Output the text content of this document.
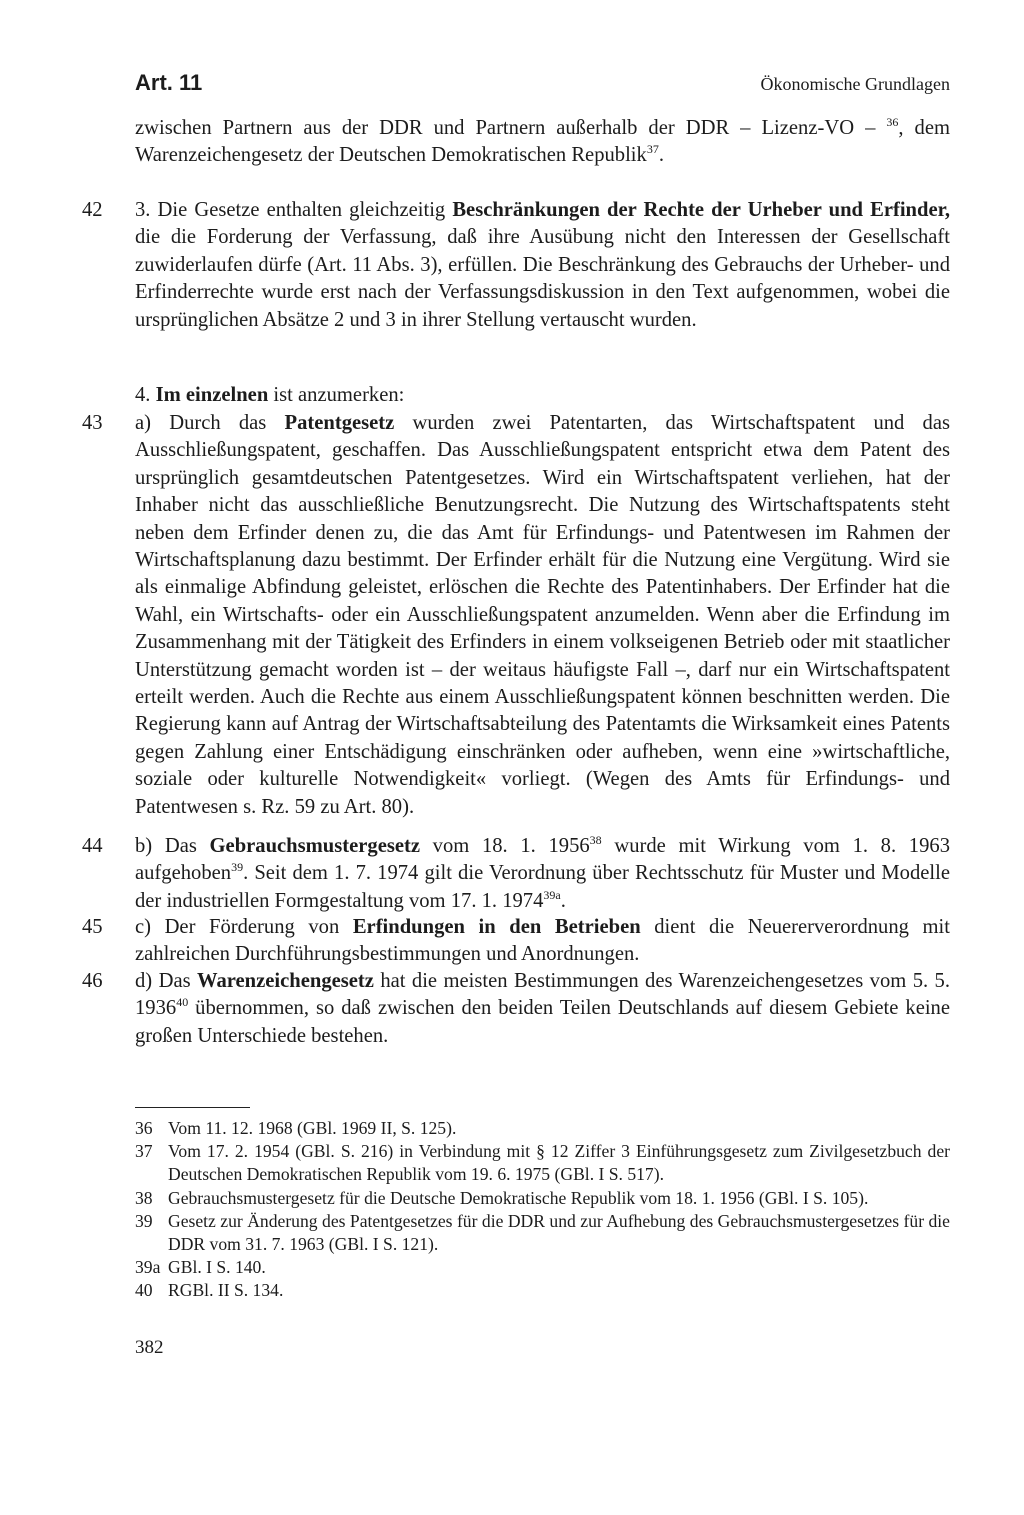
Art. 11	Ökonomische Grundlagen

zwischen Partnern aus der DDR und Partnern außerhalb der DDR – Lizenz-VO – $^{36}$, dem Warenzeichengesetz der Deutschen Demokratischen Republik$^{37}$.

42 3. Die Gesetze enthalten gleichzeitig Beschränkungen der Rechte der Urheber und Erfinder, die die Forderung der Verfassung, daß ihre Ausübung nicht den Interessen der Gesellschaft zuwiderlaufen dürfe (Art. 11 Abs. 3), erfüllen. Die Beschränkung des Gebrauchs der Urheber- und Erfinderrechte wurde erst nach der Verfassungsdiskussion in den Text aufgenommen, wobei die ursprünglichen Absätze 2 und 3 in ihrer Stellung vertauscht wurden.

4. Im einzelnen ist anzumerken:

43 a) Durch das Patentgesetz wurden zwei Patentarten, das Wirtschaftspatent und das Ausschließungspatent, geschaffen. Das Ausschließungspatent entspricht etwa dem Patent des ursprünglich gesamtdeutschen Patentgesetzes. Wird ein Wirtschaftspatent verliehen, hat der Inhaber nicht das ausschließliche Benutzungsrecht. Die Nutzung des Wirtschaftspatents steht neben dem Erfinder denen zu, die das Amt für Erfindungs- und Patentwesen im Rahmen der Wirtschaftsplanung dazu bestimmt. Der Erfinder erhält für die Nutzung eine Vergütung. Wird sie als einmalige Abfindung geleistet, erlöschen die Rechte des Patentinhabers. Der Erfinder hat die Wahl, ein Wirtschafts- oder ein Ausschließungspatent anzumelden. Wenn aber die Erfindung im Zusammenhang mit der Tätigkeit des Erfinders in einem volkseigenen Betrieb oder mit staatlicher Unterstützung gemacht worden ist – der weitaus häufigste Fall –, darf nur ein Wirtschaftspatent erteilt werden. Auch die Rechte aus einem Ausschließungspatent können beschnitten werden. Die Regierung kann auf Antrag der Wirtschaftsabteilung des Patentamts die Wirksamkeit eines Patents gegen Zahlung einer Entschädigung einschränken oder aufheben, wenn eine »wirtschaftliche, soziale oder kulturelle Notwendigkeit« vorliegt. (Wegen des Amts für Erfindungs- und Patentwesen s. Rz. 59 zu Art. 80).

44 b) Das Gebrauchsmustergesetz vom 18. 1. 1956$^{38}$ wurde mit Wirkung vom 1. 8. 1963 aufgehoben$^{39}$. Seit dem 1. 7. 1974 gilt die Verordnung über Rechtsschutz für Muster und Modelle der industriellen Formgestaltung vom 17. 1. $1974^{39a}$.

45 c) Der Förderung von Erfindungen in den Betrieben dient die Neuererverordnung mit zahlreichen Durchführungsbestimmungen und Anordnungen.

46 d) Das Warenzeichengesetz hat die meisten Bestimmungen des Warenzeichengesetzes vom 5. 5. 1936$^{40}$ übernommen, so daß zwischen den beiden Teilen Deutschlands auf diesem Gebiete keine großen Unterschiede bestehen.

36 Vom 11. 12. 1968 (GBl. 1969 II, S. 125).
37 Vom 17. 2. 1954 (GBl. S. 216) in Verbindung mit § 12 Ziffer 3 Einführungsgesetz zum Zivilgesetzbuch der Deutschen Demokratischen Republik vom 19. 6. 1975 (GBl. I S. 517).
38 Gebrauchsmustergesetz für die Deutsche Demokratische Republik vom 18. 1. 1956 (GBl. I S. 105).
39 Gesetz zur Änderung des Patentgesetzes für die DDR und zur Aufhebung des Gebrauchsmustergesetzes für die DDR vom 31. 7. 1963 (GBl. I S. 121).
39a GBl. I S. 140.
40 RGBl. II S. 134.
382
